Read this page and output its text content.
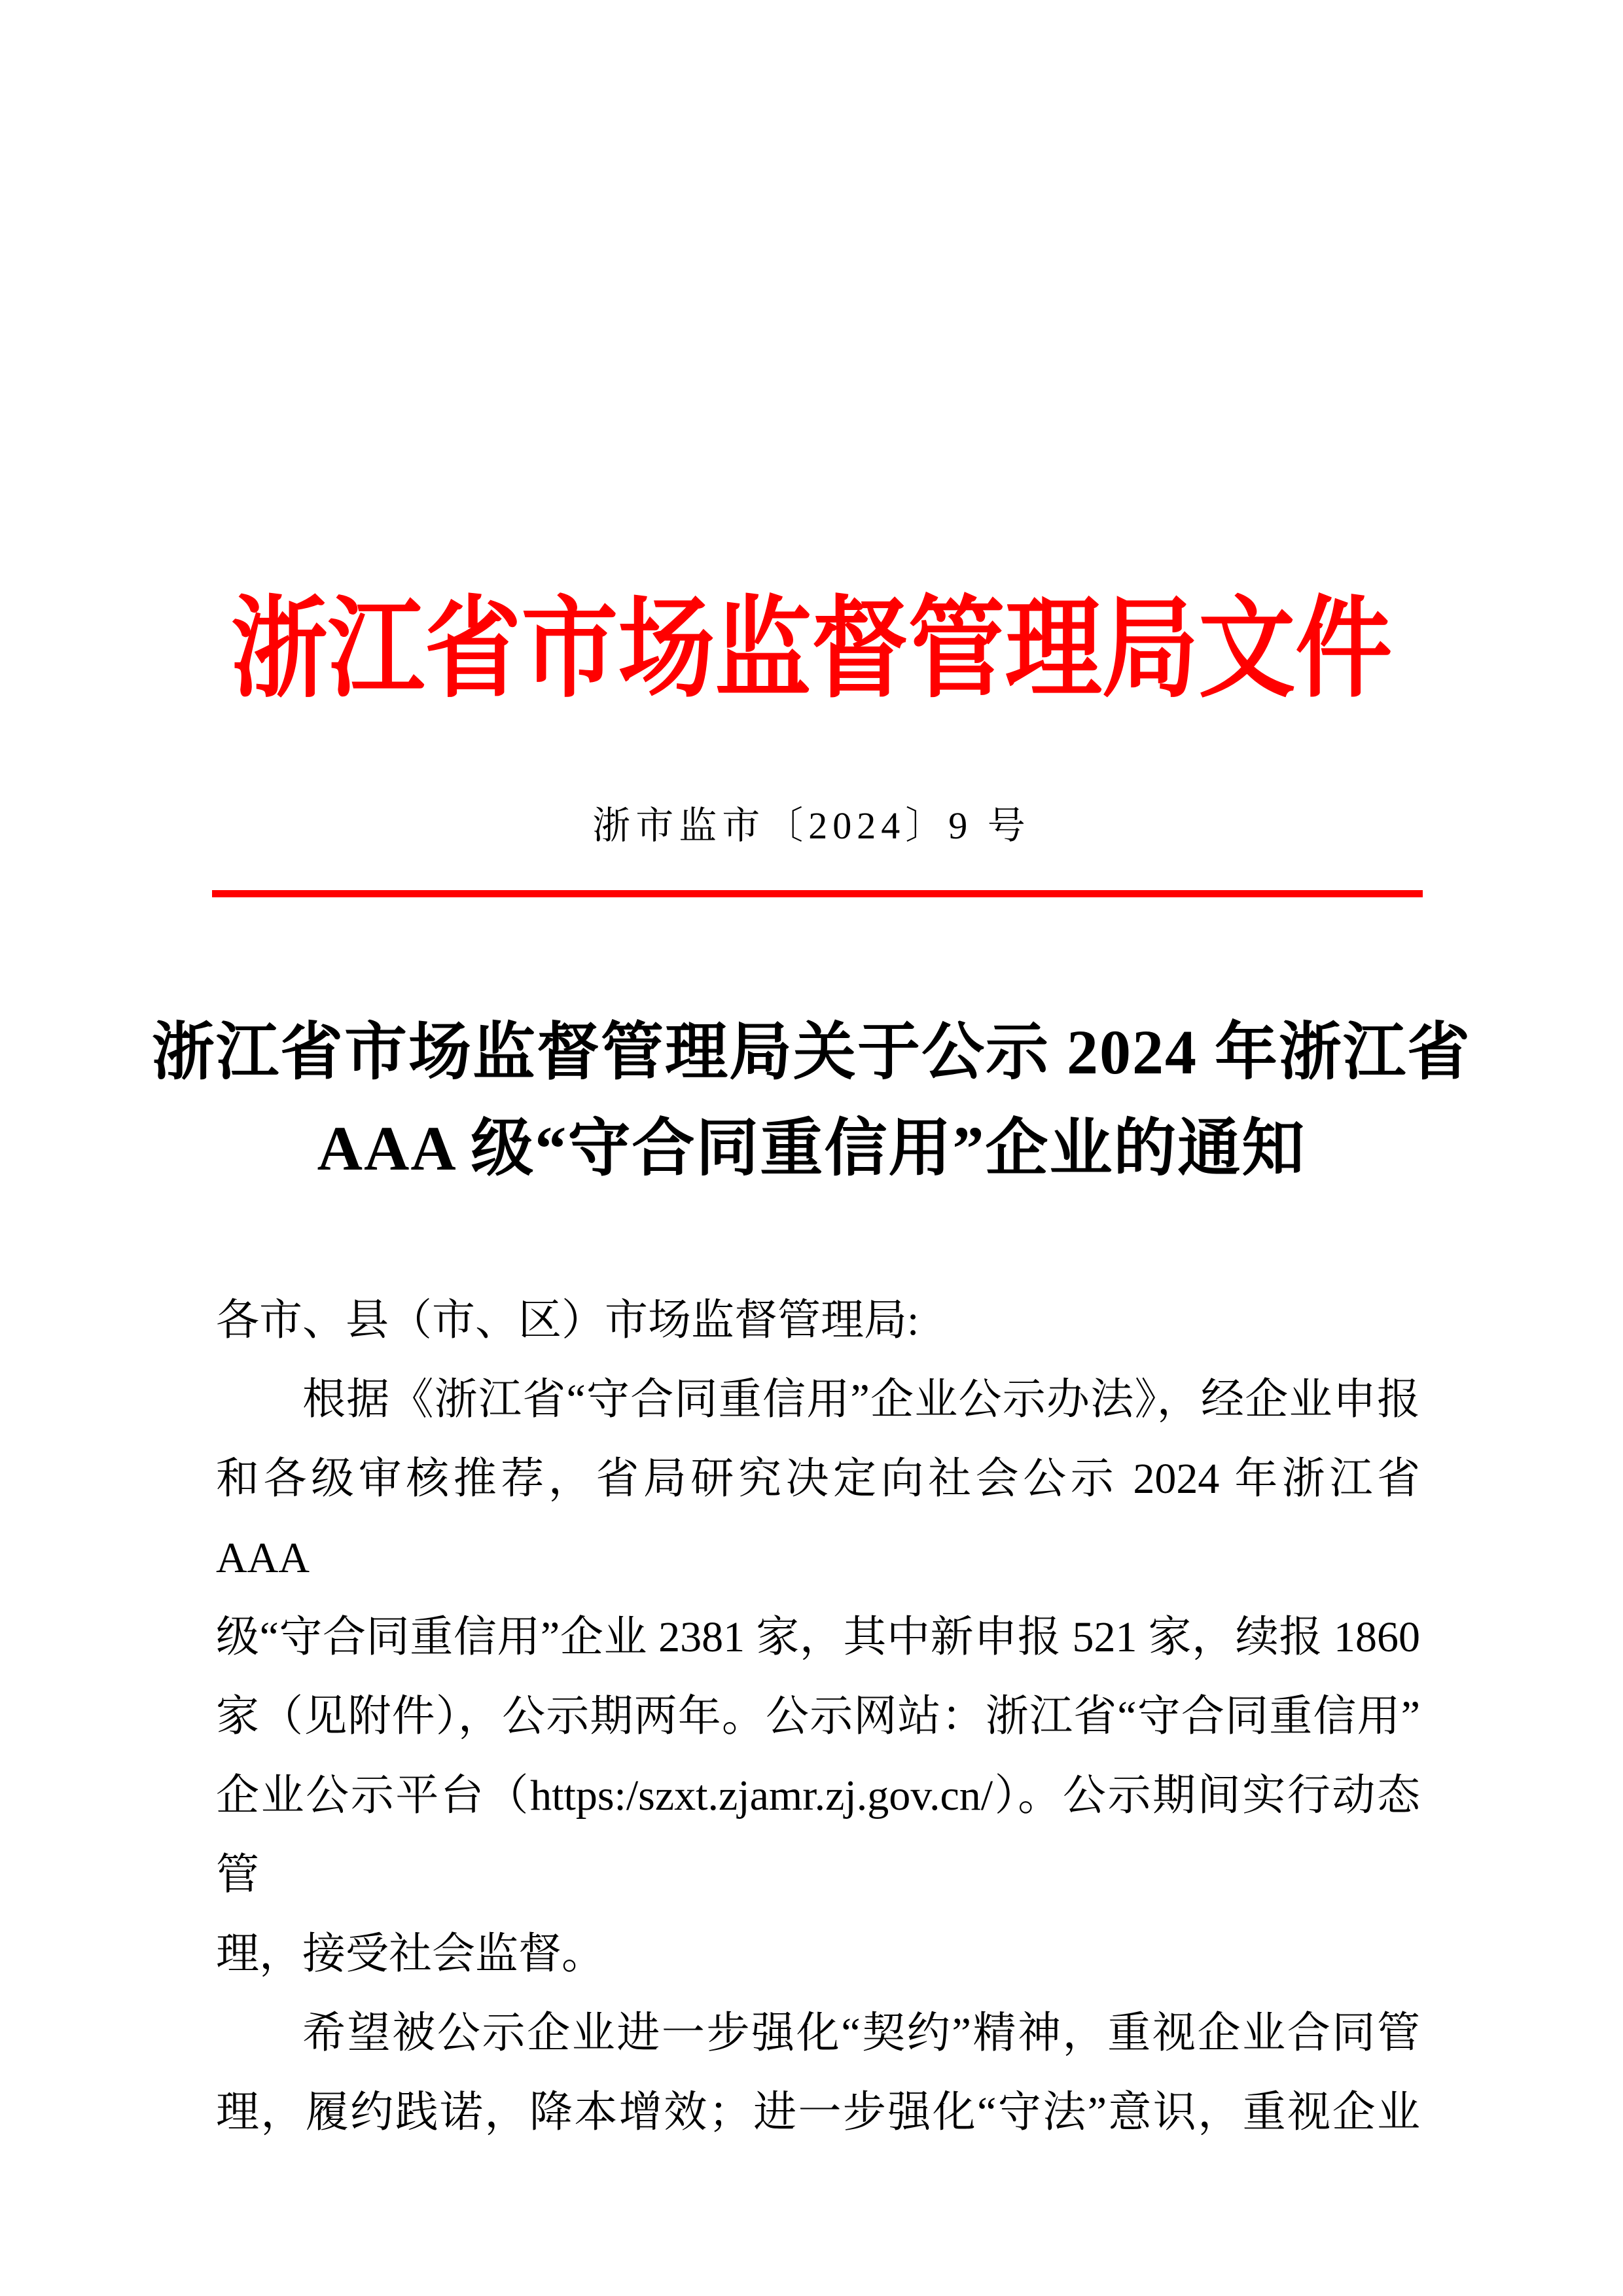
浙江省市场监督管理局文件
浙市监市〔2024〕9 号
浙江省市场监督管理局关于公示 2024 年浙江省
AAA 级“守合同重信用”企业的通知
各市、县（市、区）市场监督管理局:
根据《浙江省“守合同重信用”企业公示办法》，经企业申报
和各级审核推荐，省局研究决定向社会公示 2024 年浙江省 AAA
级“守合同重信用”企业 2381 家，其中新申报 521 家，续报 1860
家（见附件），公示期两年。公示网站：浙江省“守合同重信用”
企业公示平台（https:/szxt.zjamr.zj.gov.cn/）。公示期间实行动态管
理，接受社会监督。
希望被公示企业进一步强化“契约”精神，重视企业合同管
理，履约践诺，降本增效；进一步强化“守法”意识，重视企业
